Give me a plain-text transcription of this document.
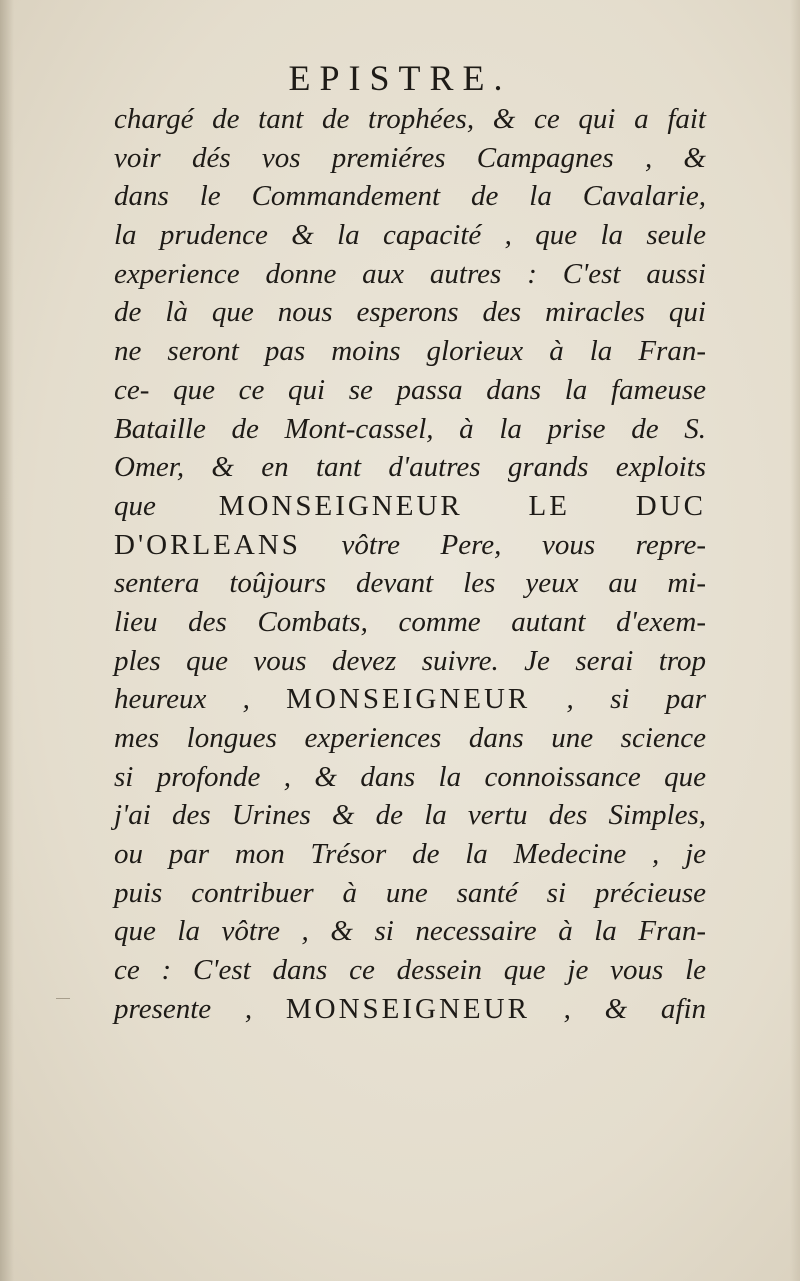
EPISTRE.
chargé de tant de trophées, & ce qui a fait
voir dés vos premiéres Campagnes , &
dans le Commandement de la Cavalarie,
la prudence & la capacité , que la seule
experience donne aux autres : C'est aussi
de là que nous esperons des miracles qui
ne seront pas moins glorieux à la Fran-
ce- que ce qui se passa dans la fameuse
Bataille de Mont-cassel, à la prise de S.
Omer, & en tant d'autres grands exploits
que MONSEIGNEUR LE DUC
D'ORLEANS vôtre Pere, vous repre-
sentera toûjours devant les yeux au mi-
lieu des Combats, comme autant d'exem-
ples que vous devez suivre. Je serai trop
heureux , MONSEIGNEUR , si par
mes longues experiences dans une science
si profonde , & dans la connoissance que
j'ai des Urines & de la vertu des Simples,
ou par mon Trésor de la Medecine , je
puis contribuer à une santé si précieuse
que la vôtre , & si necessaire à la Fran-
ce : C'est dans ce dessein que je vous le
presente , MONSEIGNEUR , & afin
